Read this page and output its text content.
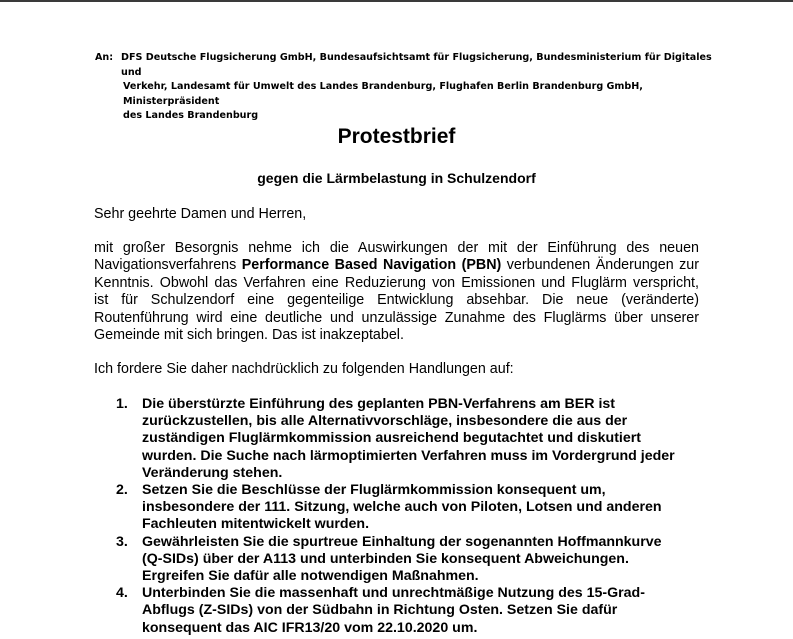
An: DFS Deutsche Flugsicherung GmbH, Bundesaufsichtsamt für Flugsicherung, Bundesministerium für Digitales und
Verkehr, Landesamt für Umwelt des Landes Brandenburg, Flughafen Berlin Brandenburg GmbH, Ministerpräsident
des Landes Brandenburg
Protestbrief
gegen die Lärmbelastung in Schulzendorf
Sehr geehrte Damen und Herren,
mit großer Besorgnis nehme ich die Auswirkungen der mit der Einführung des neuen
Navigationsverfahrens Performance Based Navigation (PBN) verbundenen Änderungen zur
Kenntnis. Obwohl das Verfahren eine Reduzierung von Emissionen und Fluglärm verspricht,
ist für Schulzendorf eine gegenteilige Entwicklung absehbar. Die neue (veränderte)
Routenführung wird eine deutliche und unzulässige Zunahme des Fluglärms über unserer
Gemeinde mit sich bringen. Das ist inakzeptabel.
Ich fordere Sie daher nachdrücklich zu folgenden Handlungen auf:
1. Die überstürzte Einführung des geplanten PBN-Verfahrens am BER ist
zurückzustellen, bis alle Alternativvorschläge, insbesondere die aus der
zuständigen Fluglärmkommission ausreichend begutachtet und diskutiert
wurden. Die Suche nach lärmoptimierten Verfahren muss im Vordergrund jeder
Veränderung stehen.
2. Setzen Sie die Beschlüsse der Fluglärmkommission konsequent um,
insbesondere der 111. Sitzung, welche auch von Piloten, Lotsen und anderen
Fachleuten mitentwickelt wurden.
3. Gewährleisten Sie die spurtreue Einhaltung der sogenannten Hoffmannkurve
(Q-SIDs) über der A113 und unterbinden Sie konsequent Abweichungen.
Ergreifen Sie dafür alle notwendigen Maßnahmen.
4. Unterbinden Sie die massenhaft und unrechtmäßige Nutzung des 15-Grad-
Abflugs (Z-SIDs) von der Südbahn in Richtung Osten. Setzen Sie dafür
konsequent das AIC IFR13/20 vom 22.10.2020 um.
